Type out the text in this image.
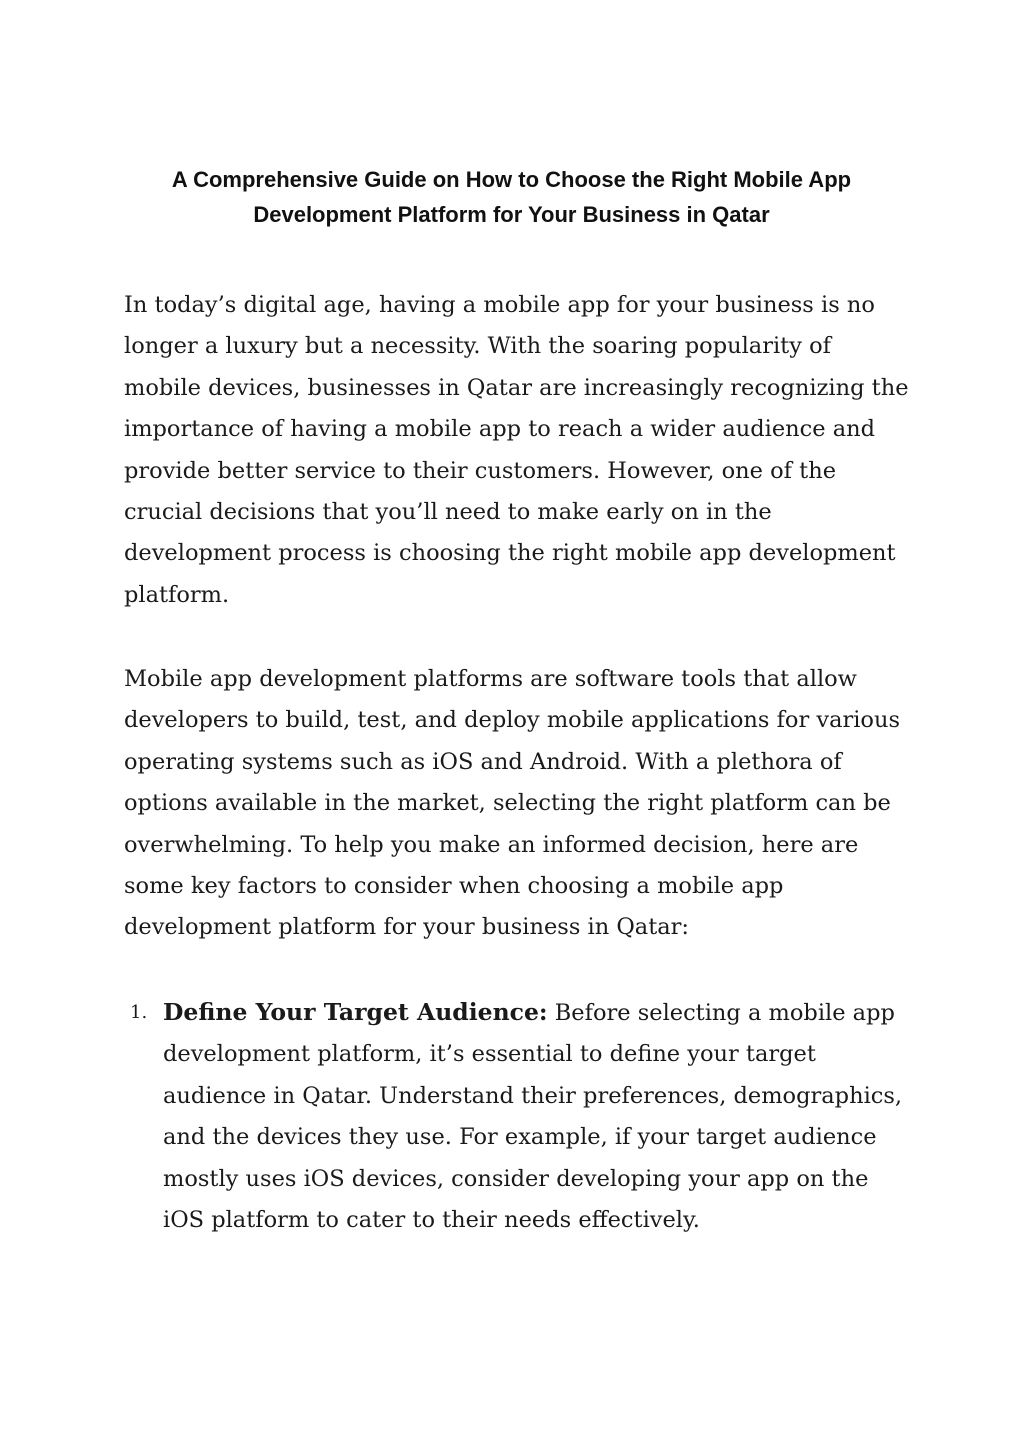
A Comprehensive Guide on How to Choose the Right Mobile App Development Platform for Your Business in Qatar

In today’s digital age, having a mobile app for your business is no longer a luxury but a necessity. With the soaring popularity of mobile devices, businesses in Qatar are increasingly recognizing the importance of having a mobile app to reach a wider audience and provide better service to their customers. However, one of the crucial decisions that you’ll need to make early on in the development process is choosing the right mobile app development platform.

Mobile app development platforms are software tools that allow developers to build, test, and deploy mobile applications for various operating systems such as iOS and Android. With a plethora of options available in the market, selecting the right platform can be overwhelming. To help you make an informed decision, here are some key factors to consider when choosing a mobile app development platform for your business in Qatar:

1. Define Your Target Audience: Before selecting a mobile app development platform, it’s essential to define your target audience in Qatar. Understand their preferences, demographics, and the devices they use. For example, if your target audience mostly uses iOS devices, consider developing your app on the iOS platform to cater to their needs effectively.
